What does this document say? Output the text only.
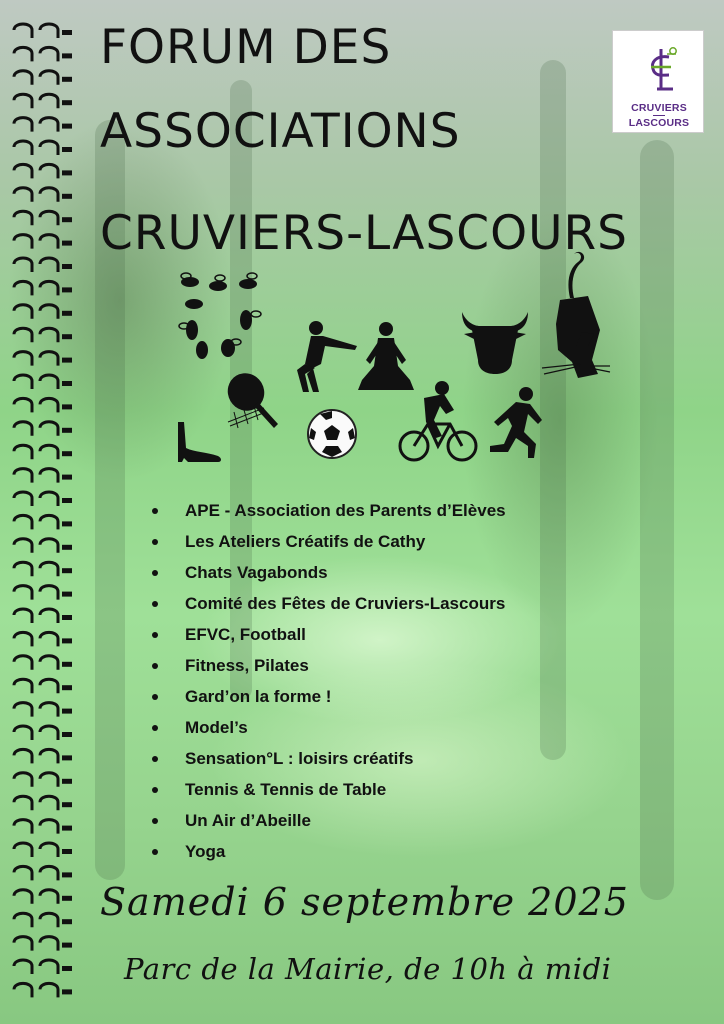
FORUM DES
ASSOCIATIONS
CRUVIERS-LASCOURS
CRUVIERS
LASCOURS
APE - Association des Parents d’Elèves
Les Ateliers Créatifs de Cathy
Chats Vagabonds
Comité des Fêtes de Cruviers-Lascours
EFVC, Football
Fitness, Pilates
Gard’on la forme !
Model’s
Sensation°L : loisirs créatifs
Tennis & Tennis de Table
Un Air d’Abeille
Yoga
Samedi 6 septembre 2025
Parc de la Mairie, de 10h à midi
